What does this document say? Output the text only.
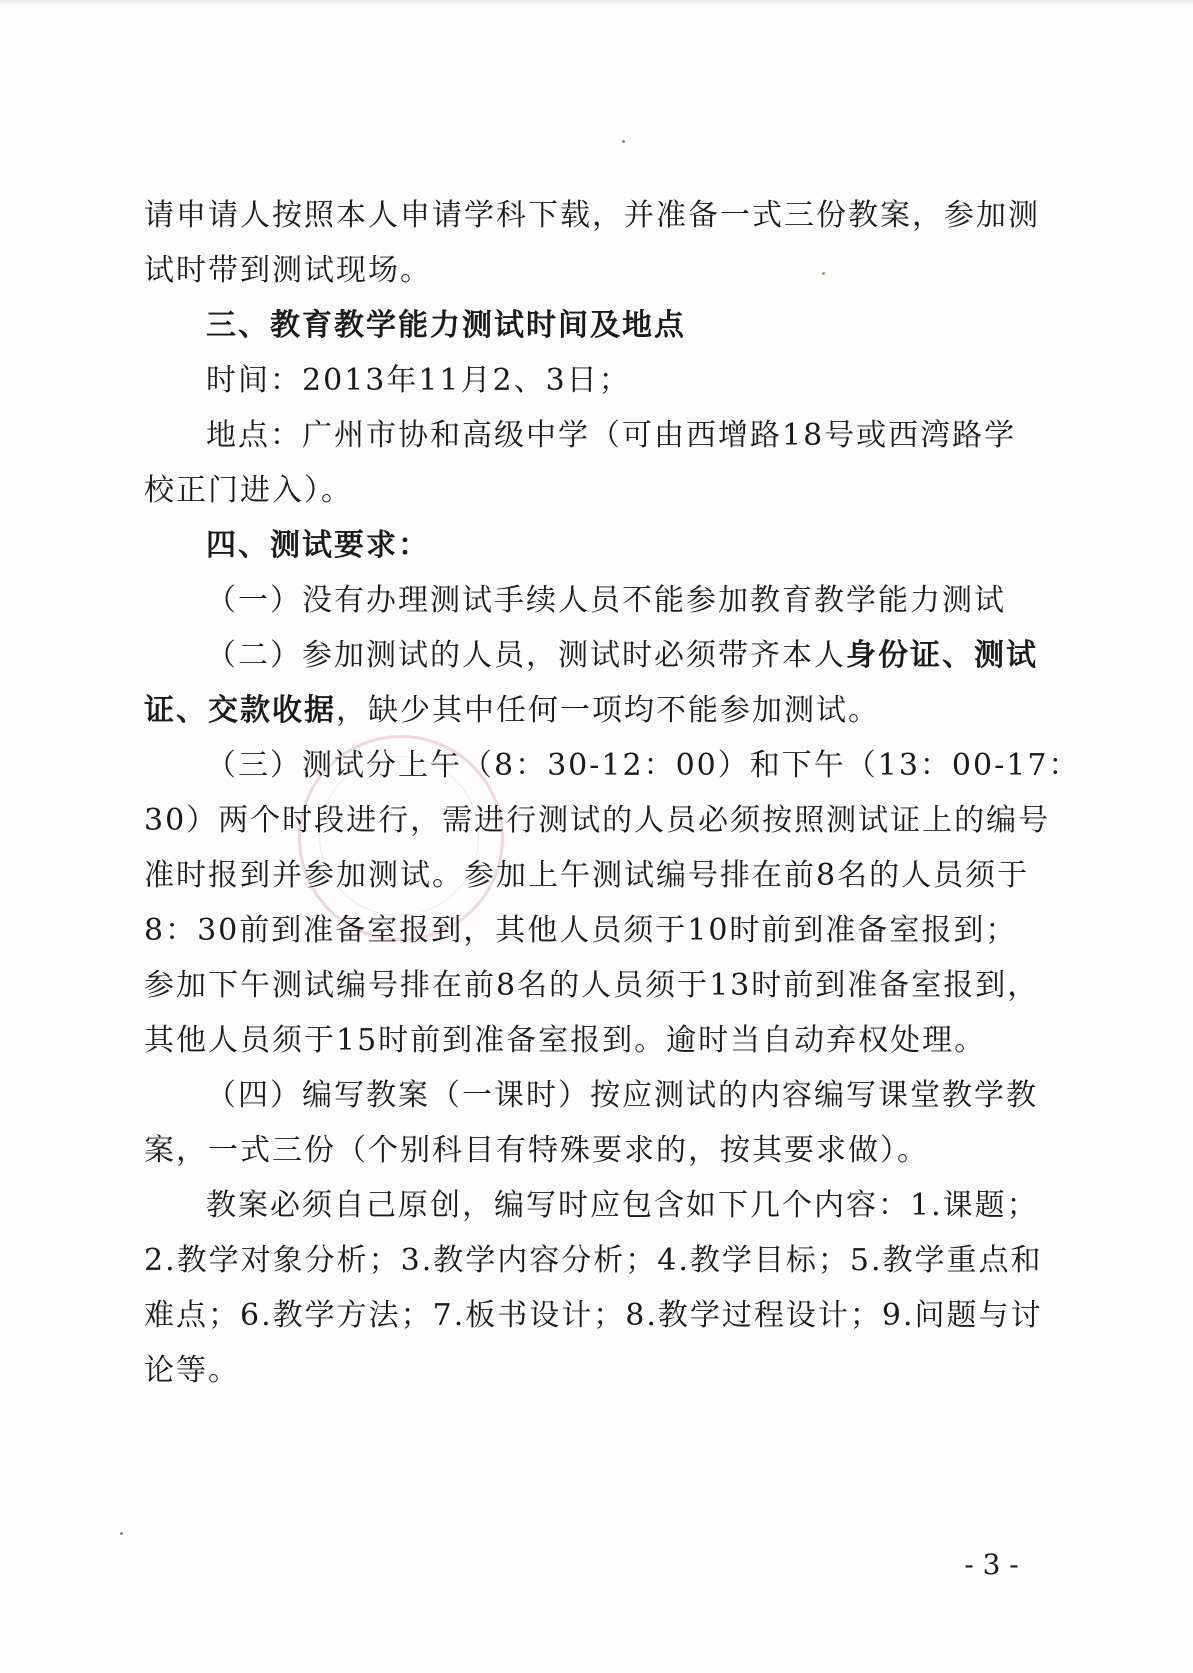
请申请人按照本人申请学科下载，并准备一式三份教案，参加测
试时带到测试现场。
三、教育教学能力测试时间及地点
时间：2013年11月2、3日；
地点：广州市协和高级中学（可由西增路18号或西湾路学
校正门进入）。
四、测试要求：
（一）没有办理测试手续人员不能参加教育教学能力测试
（二）参加测试的人员，测试时必须带齐本人身份证、测试
证、交款收据，缺少其中任何一项均不能参加测试。
（三）测试分上午（8：30-12：00）和下午（13：00-17：
30）两个时段进行，需进行测试的人员必须按照测试证上的编号
准时报到并参加测试。参加上午测试编号排在前8名的人员须于
8：30前到准备室报到，其他人员须于10时前到准备室报到；
参加下午测试编号排在前8名的人员须于13时前到准备室报到，
其他人员须于15时前到准备室报到。逾时当自动弃权处理。
（四）编写教案（一课时）按应测试的内容编写课堂教学教
案，一式三份（个别科目有特殊要求的，按其要求做）。
教案必须自己原创，编写时应包含如下几个内容：1.课题；
2.教学对象分析；3.教学内容分析；4.教学目标；5.教学重点和
难点；6.教学方法；7.板书设计；8.教学过程设计；9.问题与讨
论等。
- 3 -
